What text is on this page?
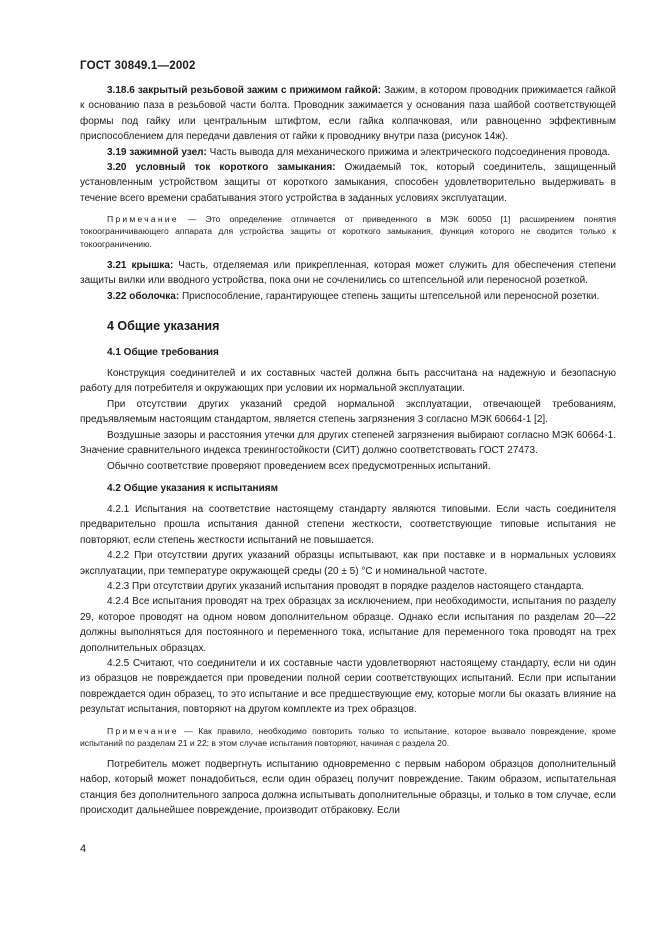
ГОСТ 30849.1—2002

3.18.6 закрытый резьбовой зажим с прижимом гайкой: Зажим, в котором проводник прижимается гайкой к основанию паза в резьбовой части болта. Проводник зажимается у основания паза шайбой соответствующей формы под гайку или центральным штифтом, если гайка колпачковая, или равноценно эффективным приспособлением для передачи давления от гайки к проводнику внутри паза (рисунок 14ж).

3.19 зажимной узел: Часть вывода для механического прижима и электрического подсоединения провода.

3.20 условный ток короткого замыкания: Ожидаемый ток, который соединитель, защищенный установленным устройством защиты от короткого замыкания, способен удовлетворительно выдерживать в течение всего времени срабатывания этого устройства в заданных условиях эксплуатации.

Примечание — Это определение отличается от приведенного в МЭК 60050 [1] расширением понятия токоограничивающего аппарата для устройства защиты от короткого замыкания, функция которого не сводится только к токоограничению.

3.21 крышка: Часть, отделяемая или прикрепленная, которая может служить для обеспечения степени защиты вилки или вводного устройства, пока они не сочленились со штепсельной или переносной розеткой.

3.22 оболочка: Приспособление, гарантирующее степень защиты штепсельной или переносной розетки.

4 Общие указания
4.1 Общие требования

Конструкция соединителей и их составных частей должна быть рассчитана на надежную и безопасную работу для потребителя и окружающих при условии их нормальной эксплуатации.

При отсутствии других указаний средой нормальной эксплуатации, отвечающей требованиям, предъявляемым настоящим стандартом, является степень загрязнения 3 согласно МЭК 60664-1 [2].

Воздушные зазоры и расстояния утечки для других степеней загрязнения выбирают согласно МЭК 60664-1. Значение сравнительного индекса трекингостойкости (СИТ) должно соответствовать ГОСТ 27473.

Обычно соответствие проверяют проведением всех предусмотренных испытаний.

4.2 Общие указания к испытаниям

4.2.1 Испытания на соответствие настоящему стандарту являются типовыми. Если часть соединителя предварительно прошла испытания данной степени жесткости, соответствующие типовые испытания не повторяют, если степень жесткости испытаний не повышается.

4.2.2 При отсутствии других указаний образцы испытывают, как при поставке и в нормальных условиях эксплуатации, при температуре окружающей среды (20 ± 5) °C и номинальной частоте.

4.2.3 При отсутствии других указаний испытания проводят в порядке разделов настоящего стандарта.

4.2.4 Все испытания проводят на трех образцах за исключением, при необходимости, испытания по разделу 29, которое проводят на одном новом дополнительном образце. Однако если испытания по разделам 20—22 должны выполняться для постоянного и переменного тока, испытание для переменного тока проводят на трех дополнительных образцах.

4.2.5 Считают, что соединители и их составные части удовлетворяют настоящему стандарту, если ни один из образцов не повреждается при проведении полной серии соответствующих испытаний. Если при испытании повреждается один образец, то это испытание и все предшествующие ему, которые могли бы оказать влияние на результат испытания, повторяют на другом комплекте из трех образцов.

Примечание — Как правило, необходимо повторить только то испытание, которое вызвало повреждение, кроме испытаний по разделам 21 и 22; в этом случае испытания повторяют, начиная с раздела 20.

Потребитель может подвергнуть испытанию одновременно с первым набором образцов дополнительный набор, который может понадобиться, если один образец получит повреждение. Таким образом, испытательная станция без дополнительного запроса должна испытывать дополнительные образцы, и только в том случае, если происходит дальнейшее повреждение, производит отбраковку. Если

4
